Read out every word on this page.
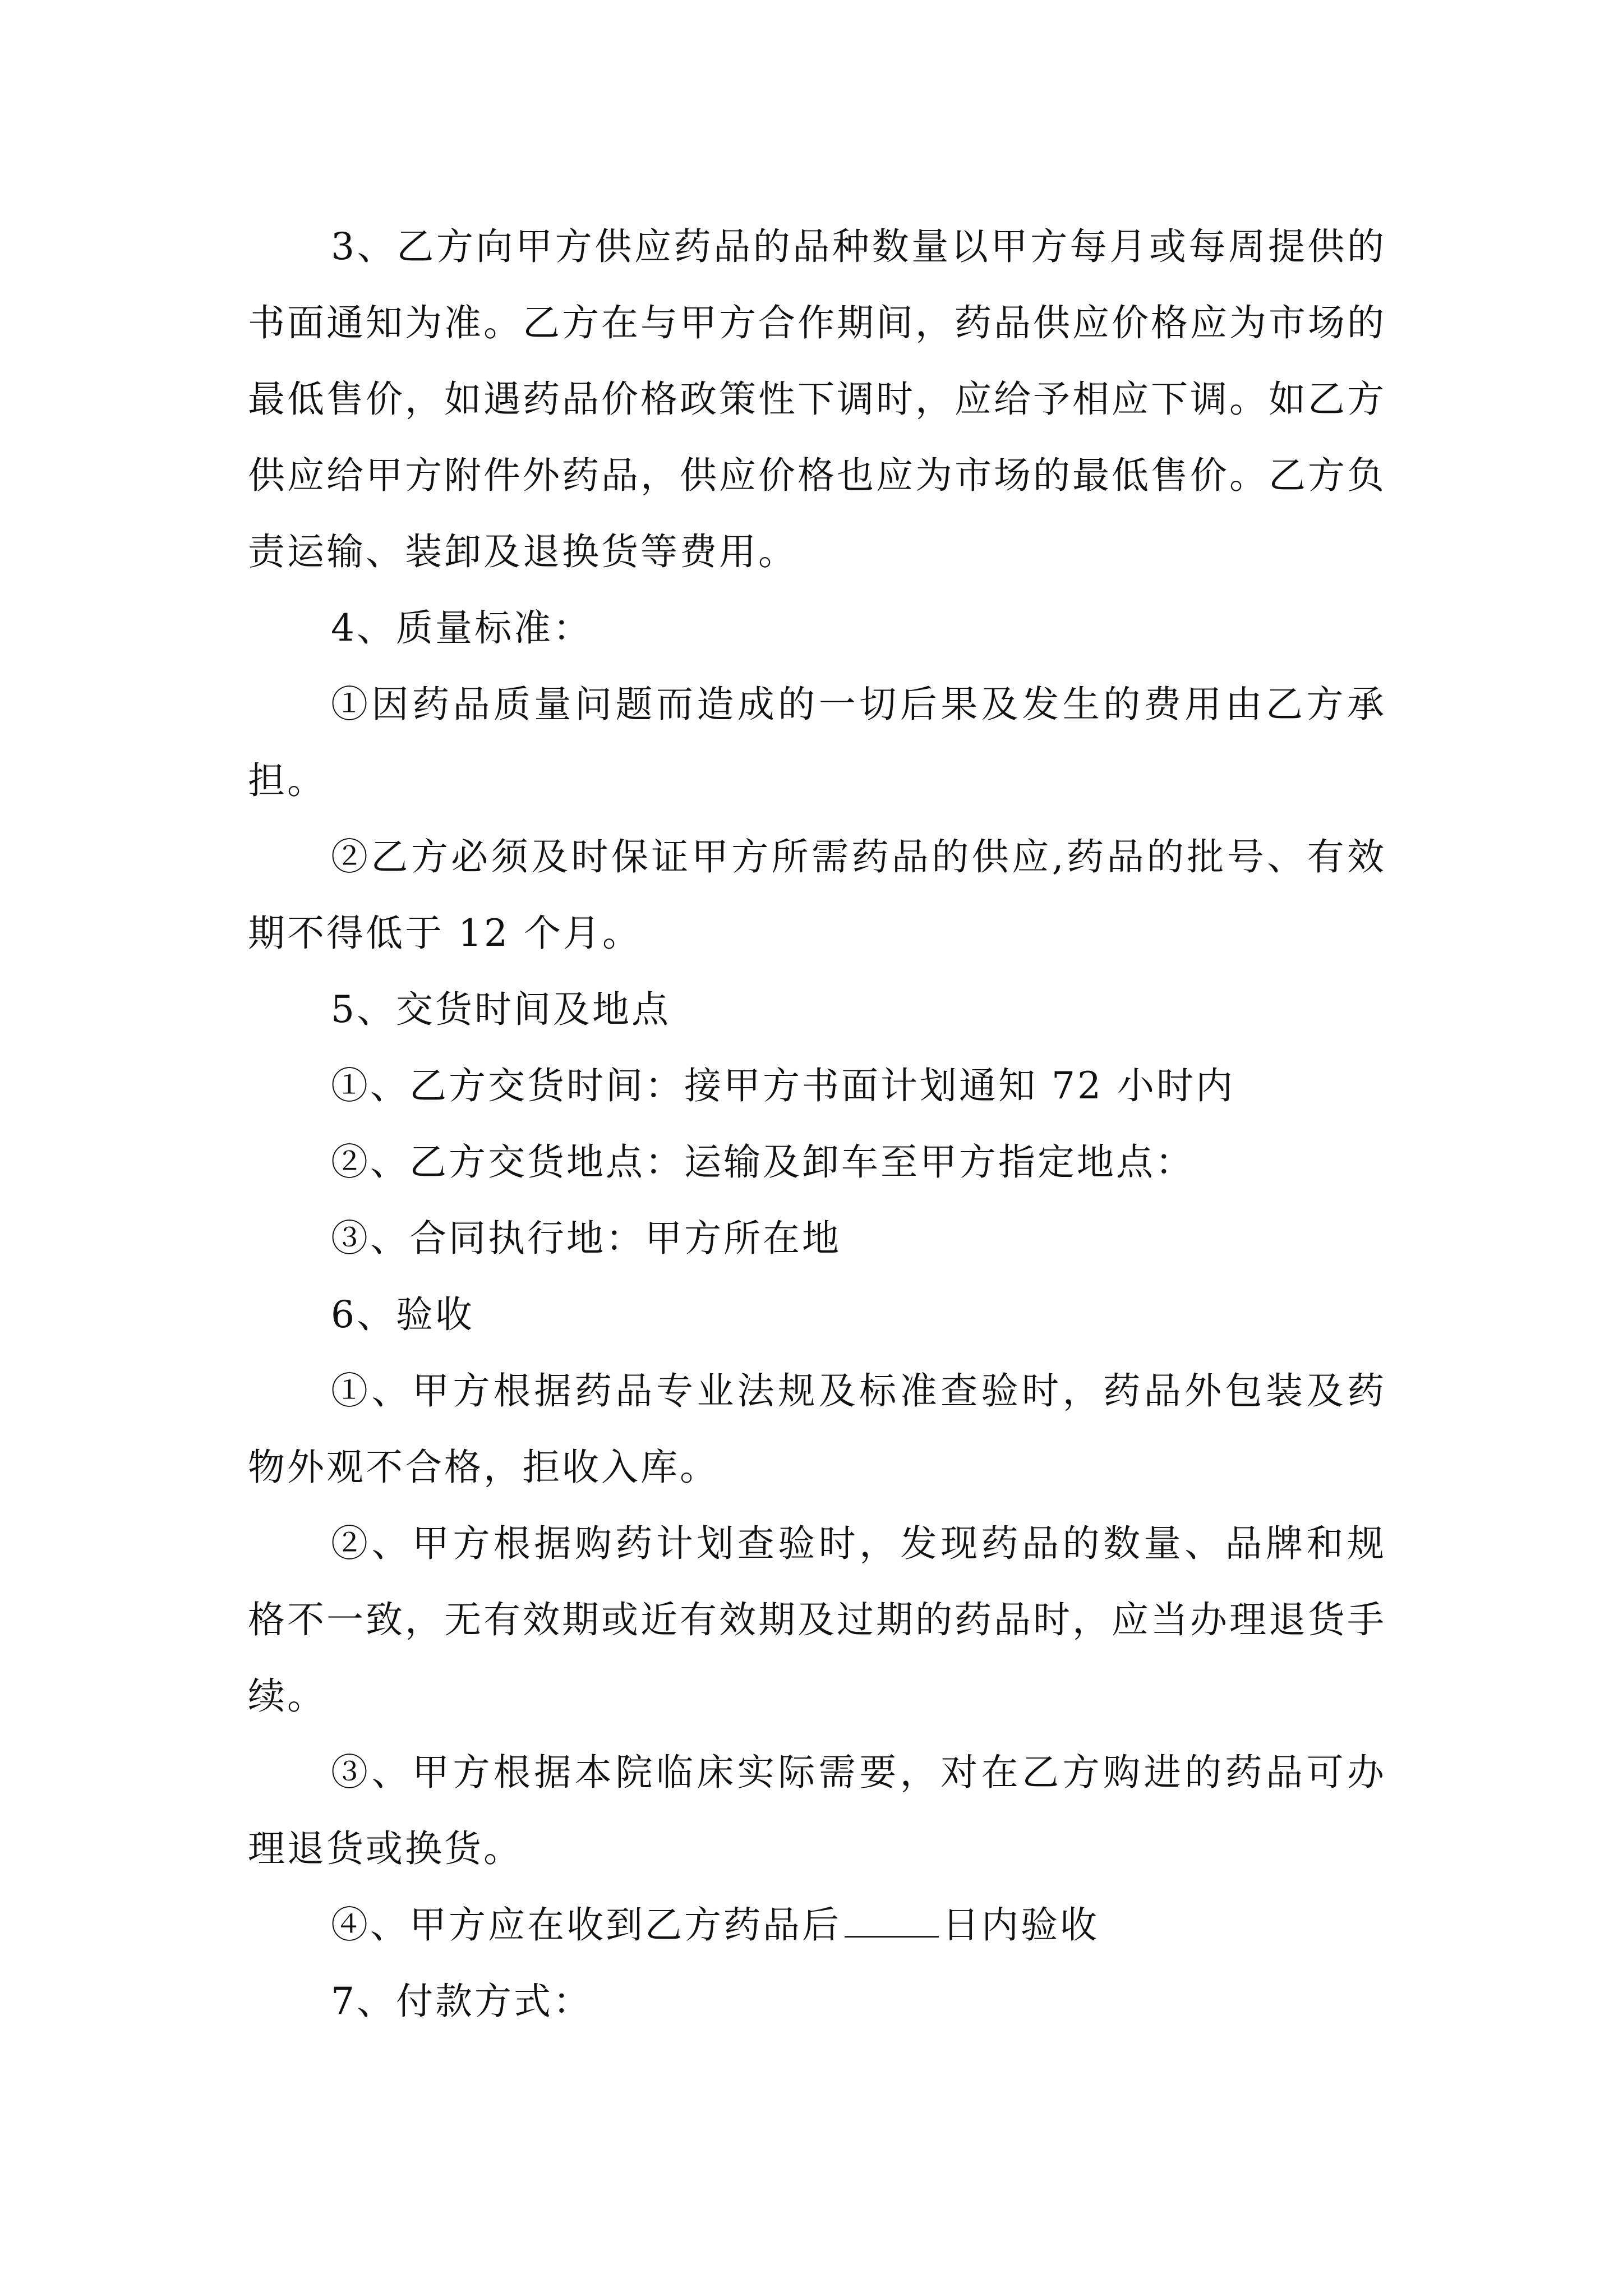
3、乙方向甲方供应药品的品种数量以甲方每月或每周提供的书面通知为准。乙方在与甲方合作期间，药品供应价格应为市场的最低售价，如遇药品价格政策性下调时，应给予相应下调。如乙方供应给甲方附件外药品，供应价格也应为市场的最低售价。乙方负责运输、装卸及退换货等费用。

4、质量标准：

①因药品质量问题而造成的一切后果及发生的费用由乙方承担。

②乙方必须及时保证甲方所需药品的供应,药品的批号、有效期不得低于 12 个月。

5、交货时间及地点

①、乙方交货时间：接甲方书面计划通知 72 小时内

②、乙方交货地点：运输及卸车至甲方指定地点：

③、合同执行地：甲方所在地

6、验收

①、甲方根据药品专业法规及标准查验时，药品外包装及药物外观不合格，拒收入库。

②、甲方根据购药计划查验时，发现药品的数量、品牌和规格不一致，无有效期或近有效期及过期的药品时，应当办理退货手续。

③、甲方根据本院临床实际需要，对在乙方购进的药品可办理退货或换货。

④、甲方应在收到乙方药品后	日内验收

7、付款方式：
